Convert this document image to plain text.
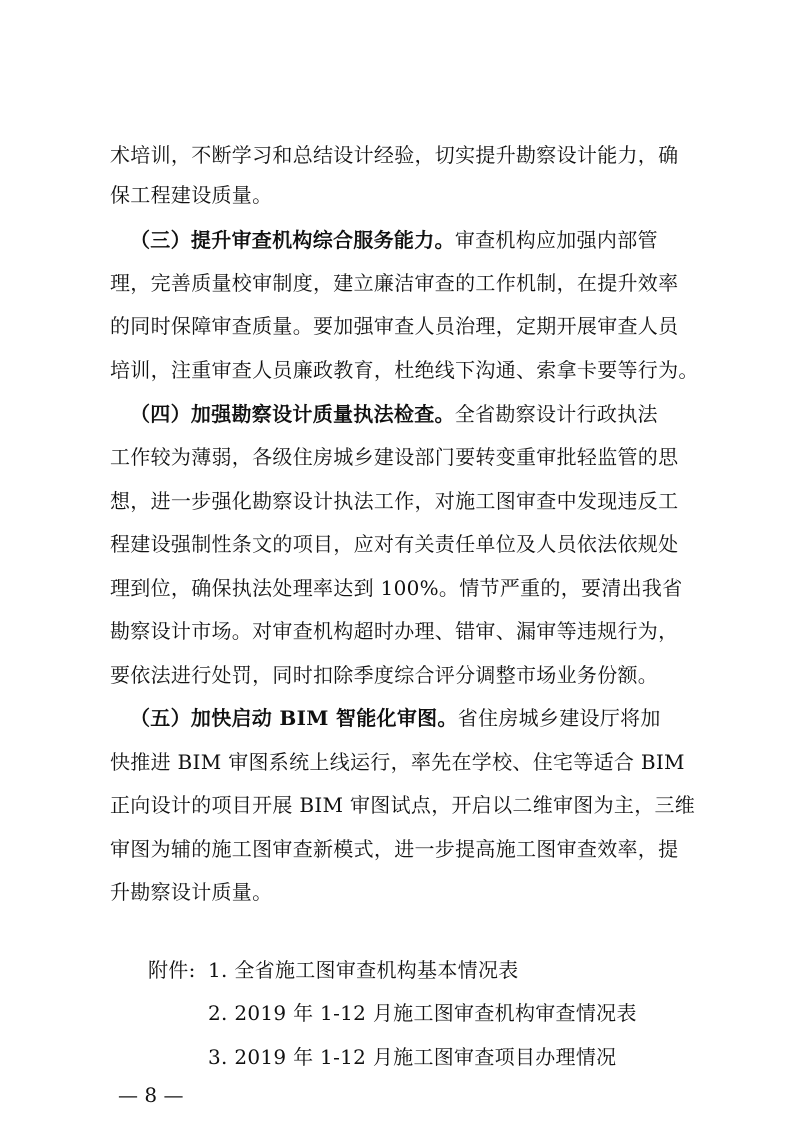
术培训，不断学习和总结设计经验，切实提升勘察设计能力，确
保工程建设质量。
（三）提升审查机构综合服务能力。审查机构应加强内部管
理，完善质量校审制度，建立廉洁审查的工作机制，在提升效率
的同时保障审查质量。要加强审查人员治理，定期开展审查人员
培训，注重审查人员廉政教育，杜绝线下沟通、索拿卡要等行为。
（四）加强勘察设计质量执法检查。全省勘察设计行政执法
工作较为薄弱，各级住房城乡建设部门要转变重审批轻监管的思
想，进一步强化勘察设计执法工作，对施工图审查中发现违反工
程建设强制性条文的项目，应对有关责任单位及人员依法依规处
理到位，确保执法处理率达到 100%。情节严重的，要清出我省
勘察设计市场。对审查机构超时办理、错审、漏审等违规行为，
要依法进行处罚，同时扣除季度综合评分调整市场业务份额。
（五）加快启动 BIM 智能化审图。省住房城乡建设厅将加
快推进 BIM 审图系统上线运行，率先在学校、住宅等适合 BIM
正向设计的项目开展 BIM 审图试点，开启以二维审图为主，三维
审图为辅的施工图审查新模式，进一步提高施工图审查效率，提
升勘察设计质量。
附件: 1. 全省施工图审查机构基本情况表
2. 2019 年 1-12 月施工图审查机构审查情况表
3. 2019 年 1-12 月施工图审查项目办理情况
— 8 —
